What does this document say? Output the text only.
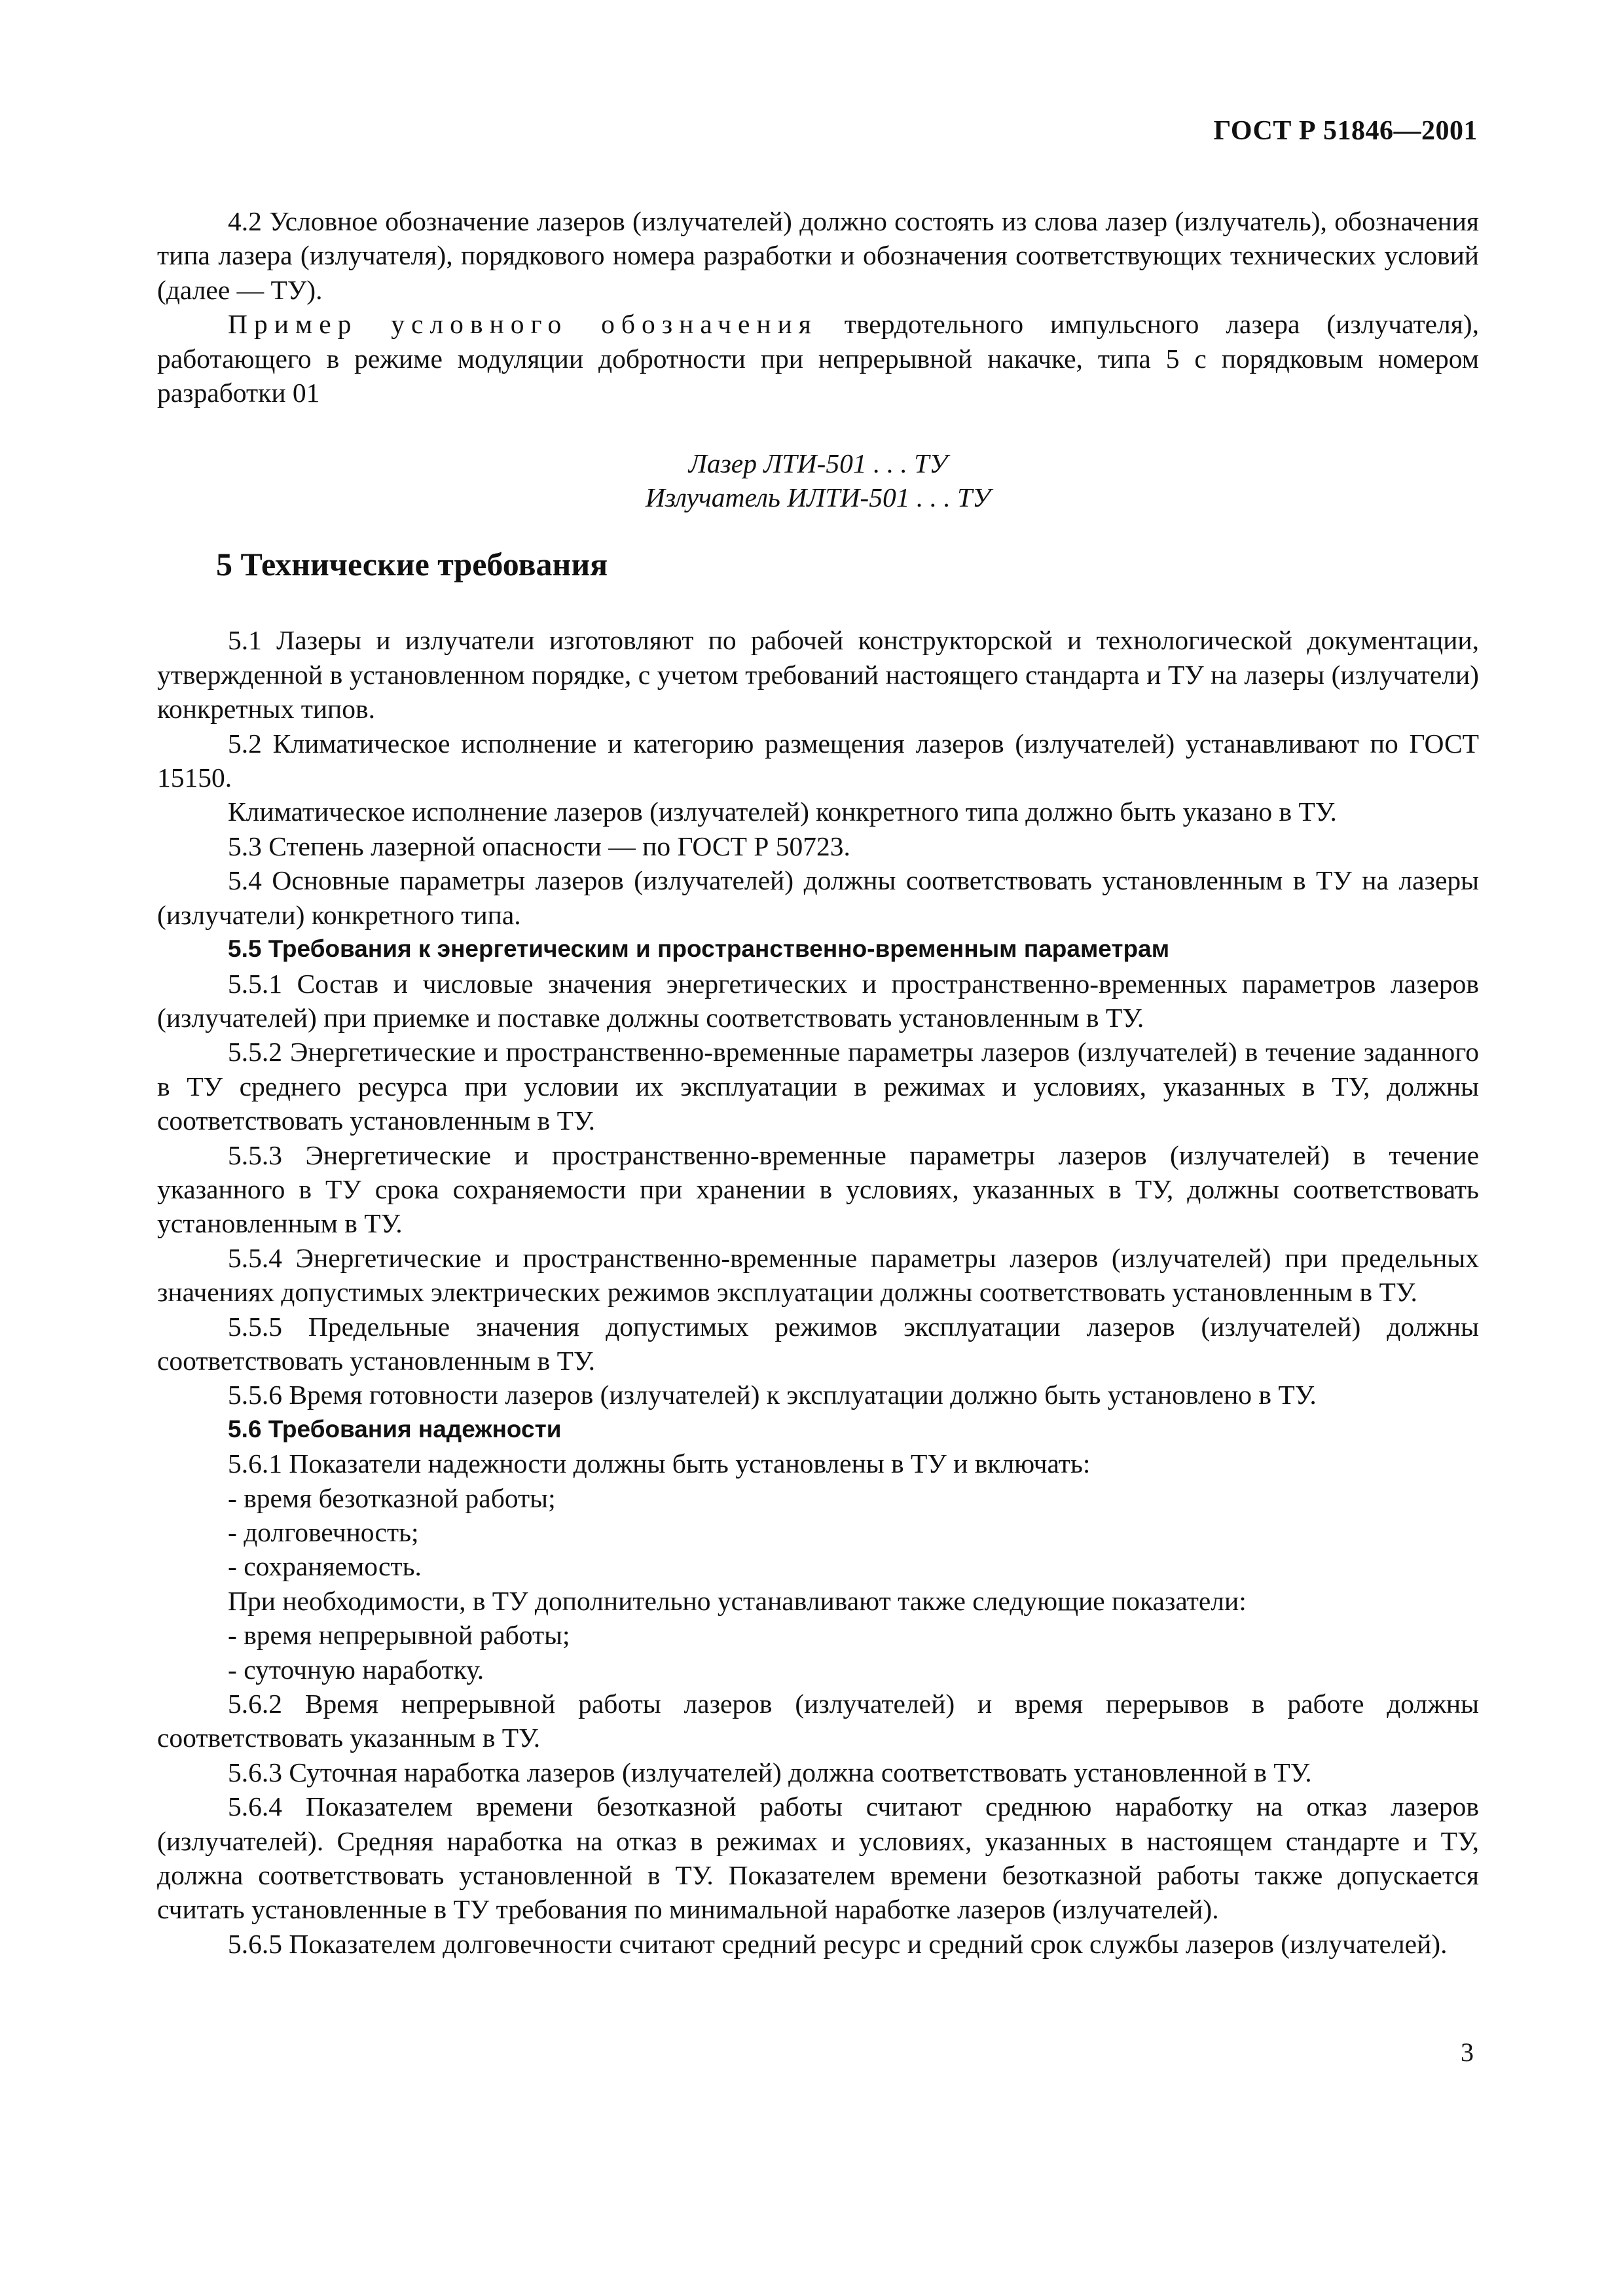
ГОСТ Р 51846—2001

4.2 Условное обозначение лазеров (излучателей) должно состоять из слова лазер (излучатель), обозначения типа лазера (излучателя), порядкового номера разработки и обозначения соответствующих технических условий (далее — ТУ).

Пример условного обозначения твердотельного импульсного лазера (излучателя), работающего в режиме модуляции добротности при непрерывной накачке, типа 5 с порядковым номером разработки 01

Лазер ЛТИ-501 . . . ТУ
Излучатель ИЛТИ-501 . . . ТУ
5 Технические требования

5.1 Лазеры и излучатели изготовляют по рабочей конструкторской и технологической документации, утвержденной в установленном порядке, с учетом требований настоящего стандарта и ТУ на лазеры (излучатели) конкретных типов.

5.2 Климатическое исполнение и категорию размещения лазеров (излучателей) устанавливают по ГОСТ 15150.

Климатическое исполнение лазеров (излучателей) конкретного типа должно быть указано в ТУ.

5.3 Степень лазерной опасности — по ГОСТ Р 50723.

5.4 Основные параметры лазеров (излучателей) должны соответствовать установленным в ТУ на лазеры (излучатели) конкретного типа.

5.5 Требования к энергетическим и пространственно-временным параметрам

5.5.1 Состав и числовые значения энергетических и пространственно-временных параметров лазеров (излучателей) при приемке и поставке должны соответствовать установленным в ТУ.

5.5.2 Энергетические и пространственно-временные параметры лазеров (излучателей) в течение заданного в ТУ среднего ресурса при условии их эксплуатации в режимах и условиях, указанных в ТУ, должны соответствовать установленным в ТУ.

5.5.3 Энергетические и пространственно-временные параметры лазеров (излучателей) в течение указанного в ТУ срока сохраняемости при хранении в условиях, указанных в ТУ, должны соответствовать установленным в ТУ.

5.5.4 Энергетические и пространственно-временные параметры лазеров (излучателей) при предельных значениях допустимых электрических режимов эксплуатации должны соответствовать установленным в ТУ.

5.5.5 Предельные значения допустимых режимов эксплуатации лазеров (излучателей) должны соответствовать установленным в ТУ.

5.5.6 Время готовности лазеров (излучателей) к эксплуатации должно быть установлено в ТУ.

5.6 Требования надежности

5.6.1 Показатели надежности должны быть установлены в ТУ и включать:

- время безотказной работы;

- долговечность;

- сохраняемость.

При необходимости, в ТУ дополнительно устанавливают также следующие показатели:

- время непрерывной работы;

- суточную наработку.

5.6.2 Время непрерывной работы лазеров (излучателей) и время перерывов в работе должны соответствовать указанным в ТУ.

5.6.3 Суточная наработка лазеров (излучателей) должна соответствовать установленной в ТУ.

5.6.4 Показателем времени безотказной работы считают среднюю наработку на отказ лазеров (излучателей). Средняя наработка на отказ в режимах и условиях, указанных в настоящем стандарте и ТУ, должна соответствовать установленной в ТУ. Показателем времени безотказной работы также допускается считать установленные в ТУ требования по минимальной наработке лазеров (излучателей).

5.6.5 Показателем долговечности считают средний ресурс и средний срок службы лазеров (излучателей).

3
